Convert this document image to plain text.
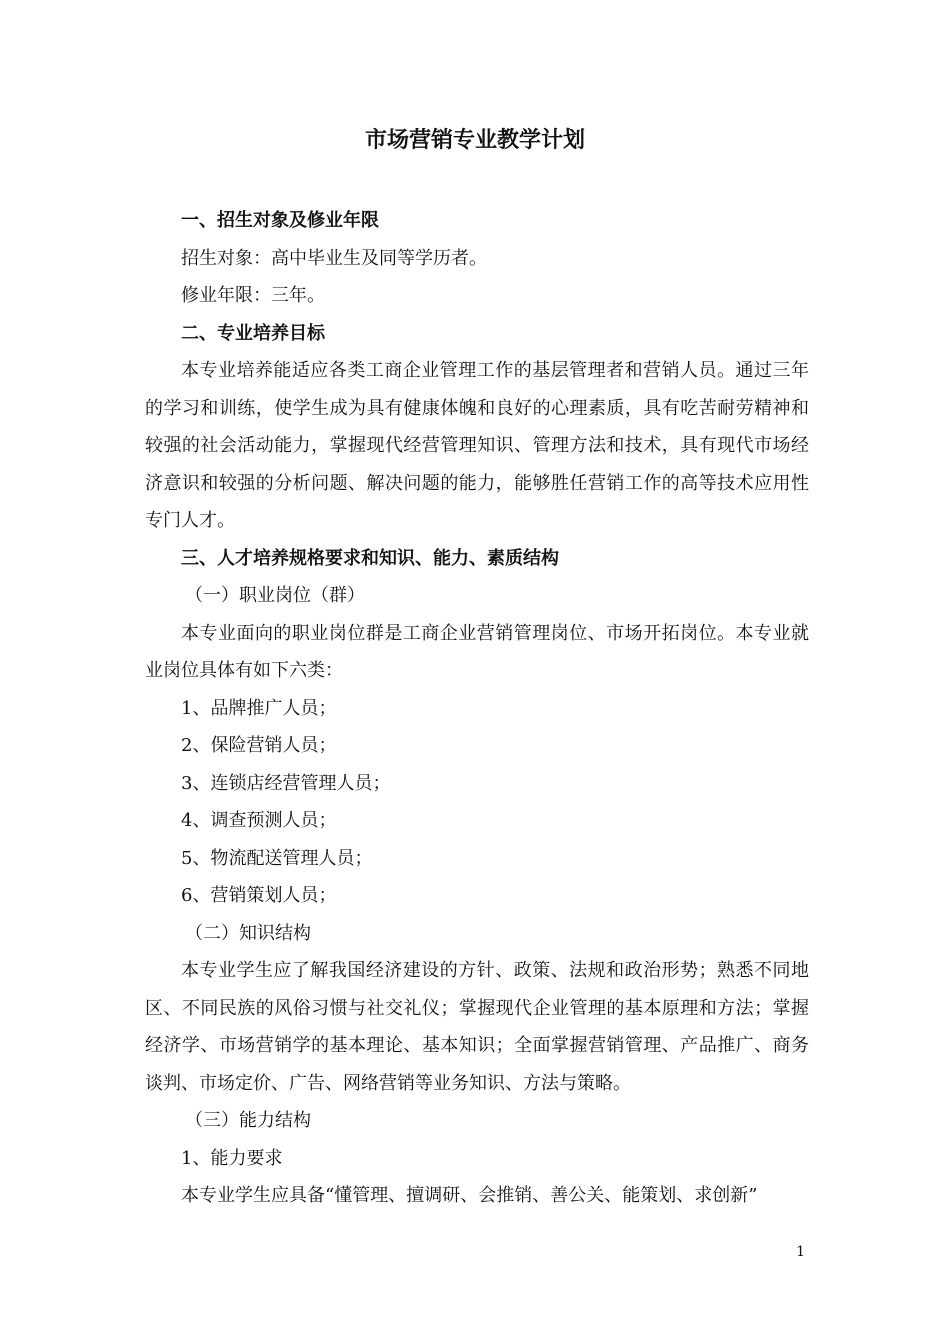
市场营销专业教学计划

一、招生对象及修业年限

招生对象：高中毕业生及同等学历者。

修业年限：三年。

二、专业培养目标

本专业培养能适应各类工商企业管理工作的基层管理者和营销人员。通过三年的学习和训练，使学生成为具有健康体魄和良好的心理素质，具有吃苦耐劳精神和较强的社会活动能力，掌握现代经营管理知识、管理方法和技术，具有现代市场经济意识和较强的分析问题、解决问题的能力，能够胜任营销工作的高等技术应用性专门人才。

三、人才培养规格要求和知识、能力、素质结构

（一）职业岗位（群）

本专业面向的职业岗位群是工商企业营销管理岗位、市场开拓岗位。本专业就业岗位具体有如下六类：

1、品牌推广人员；

2、保险营销人员；

3、连锁店经营管理人员；

4、调查预测人员；

5、物流配送管理人员；

6、营销策划人员；

（二）知识结构

本专业学生应了解我国经济建设的方针、政策、法规和政治形势；熟悉不同地区、不同民族的风俗习惯与社交礼仪；掌握现代企业管理的基本原理和方法；掌握经济学、市场营销学的基本理论、基本知识；全面掌握营销管理、产品推广、商务谈判、市场定价、广告、网络营销等业务知识、方法与策略。

（三）能力结构

1、能力要求

本专业学生应具备“懂管理、擅调研、会推销、善公关、能策划、求创新”

1
